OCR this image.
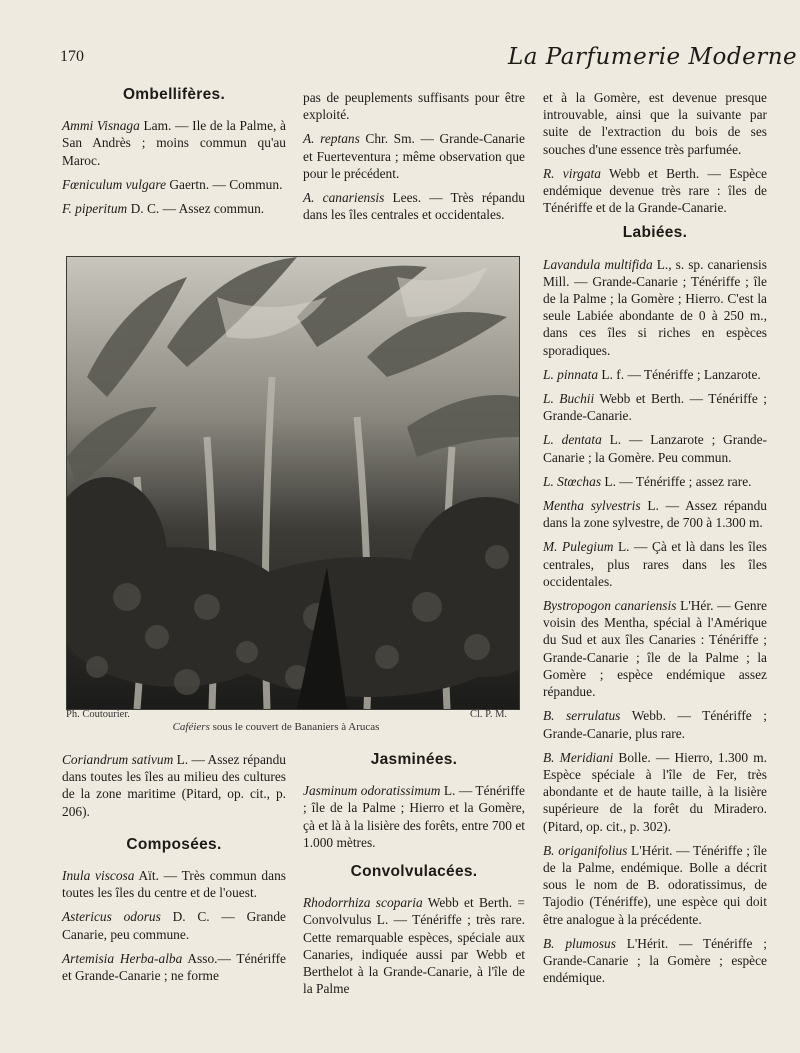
170	La Parfumerie Moderne
Ombellifères.

Ammi Visnaga Lam. — Ile de la Palme, à San Andrès ; moins commun qu'au Maroc.

Fœniculum vulgare Gaertn. — Commun.

F. piperitum D. C. — Assez commun.

pas de peuplements suffisants pour être exploité.

A. reptans Chr. Sm. — Grande-Canarie et Fuerteventura ; même observation que pour le précédent.

A. canariensis Lees. — Très répandu dans les îles centrales et occidentales.

et à la Gomère, est devenue presque introuvable, ainsi que la suivante par suite de l'extraction du bois de ses souches d'une essence très parfumée.

R. virgata Webb et Berth. — Espèce endémique devenue très rare : îles de Ténériffe et de la Grande-Canarie.

Labiées.

Lavandula multifida L., s. sp. canariensis Mill. — Grande-Canarie ; Ténériffe ; île de la Palme ; la Gomère ; Hierro. C'est la seule Labiée abondante de 0 à 250 m., dans ces îles si riches en espèces sporadiques.

L. pinnata L. f. — Ténériffe ; Lanzarote.

L. Buchii Webb et Berth. — Ténériffe ; Grande-Canarie.

L. dentata L. — Lanzarote ; Grande-Canarie ; la Gomère. Peu commun.

L. Stœchas L. — Ténériffe ; assez rare.

Mentha sylvestris L. — Assez répandu dans la zone sylvestre, de 700 à 1.300 m.

M. Pulegium L. — Çà et là dans les îles centrales, plus rares dans les îles occidentales.

Bystropogon canariensis L'Hér. — Genre voisin des Mentha, spécial à l'Amérique du Sud et aux îles Canaries : Ténériffe ; Grande-Canarie ; île de la Palme ; la Gomère ; espèce endémique assez répandue.

B. serrulatus Webb. — Ténériffe ; Grande-Canarie, plus rare.

B. Meridiani Bolle. — Hierro, 1.300 m. Espèce spéciale à l'île de Fer, très abondante et de haute taille, à la lisière supérieure de la forêt du Miradero. (Pitard, op. cit., p. 302).

B. origanifolius L'Hérit. — Ténériffe ; île de la Palme, endémique. Bolle a décrit sous le nom de B. odoratissimus, de Tajodio (Ténériffe), une espèce qui doit être analogue à la précédente.

B. plumosus L'Hérit. — Ténériffe ; Grande-Canarie ; la Gomère ; espèce endémique.

Ph. Coutourier.	Cl. P. M.
Caféiers sous le couvert de Bananiers à Arucas

Coriandrum sativum L. — Assez répandu dans toutes les îles au milieu des cultures de la zone maritime (Pitard, op. cit., p. 206).

Composées.

Inula viscosa Aït. — Très commun dans toutes les îles du centre et de l'ouest.

Astericus odorus D. C. — Grande Canarie, peu commune.

Artemisia Herba-alba Asso.— Ténériffe et Grande-Canarie ; ne forme

Jasminées.

Jasminum odoratissimum L. — Ténériffe ; île de la Palme ; Hierro et la Gomère, çà et là à la lisière des forêts, entre 700 et 1.000 mètres.

Convolvulacées.

Rhodorrhiza scoparia Webb et Berth. = Convolvulus L. — Ténériffe ; très rare. Cette remarquable espèces, spéciale aux Canaries, indiquée aussi par Webb et Berthelot à la Grande-Canarie, à l'île de la Palme
